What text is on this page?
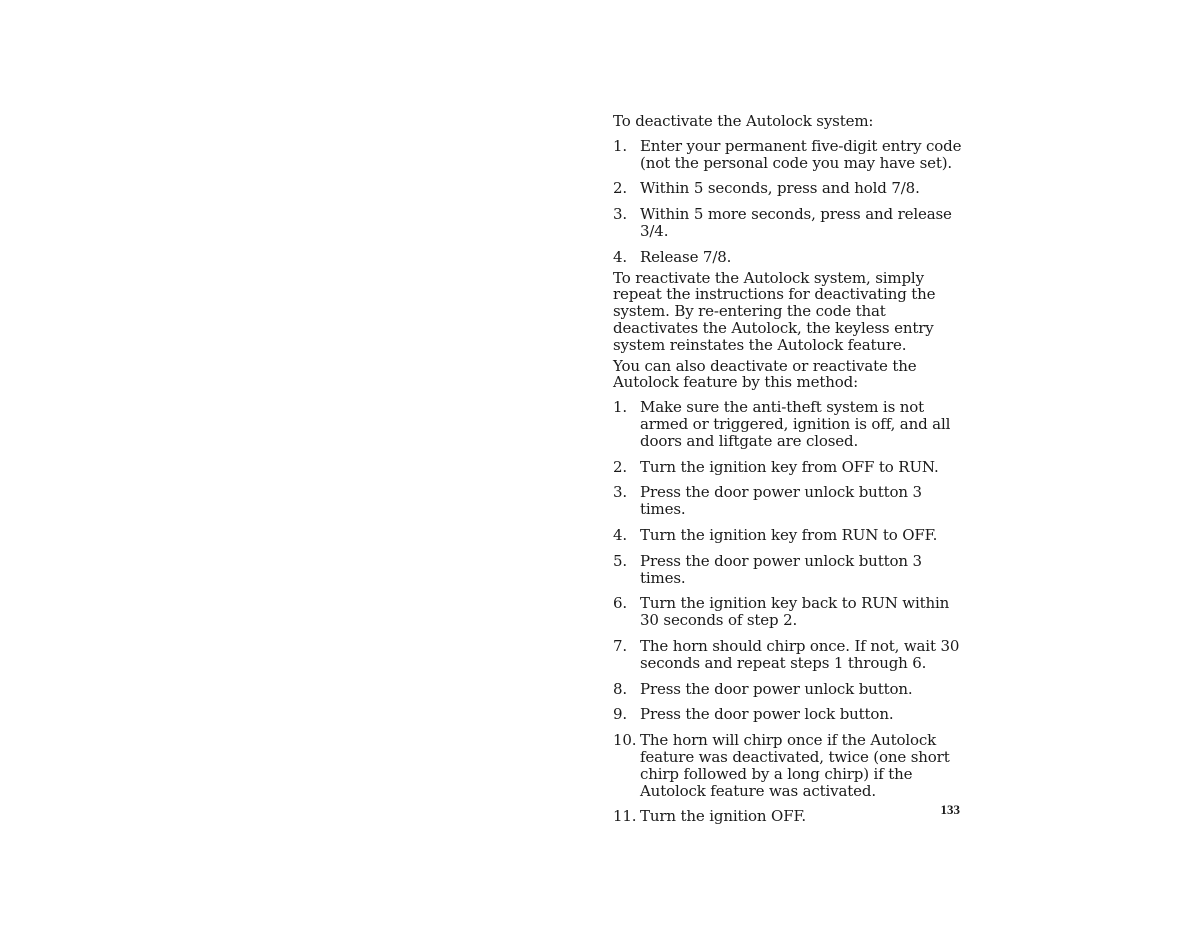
To deactivate the Autolock system:

1. Enter your permanent five-digit entry code (not the personal code you may have set).
2. Within 5 seconds, press and hold 7/8.
3. Within 5 more seconds, press and release 3/4.
4. Release 7/8.

To reactivate the Autolock system, simply repeat the instructions for deactivating the system. By re-entering the code that deactivates the Autolock, the keyless entry system reinstates the Autolock feature.

You can also deactivate or reactivate the Autolock feature by this method:

1. Make sure the anti-theft system is not armed or triggered, ignition is off, and all doors and liftgate are closed.
2. Turn the ignition key from OFF to RUN.
3. Press the door power unlock button 3 times.
4. Turn the ignition key from RUN to OFF.
5. Press the door power unlock button 3 times.
6. Turn the ignition key back to RUN within 30 seconds of step 2.
7. The horn should chirp once. If not, wait 30 seconds and repeat steps 1 through 6.
8. Press the door power unlock button.
9. Press the door power lock button.
10. The horn will chirp once if the Autolock feature was deactivated, twice (one short chirp followed by a long chirp) if the Autolock feature was activated.
11. Turn the ignition OFF.	133
